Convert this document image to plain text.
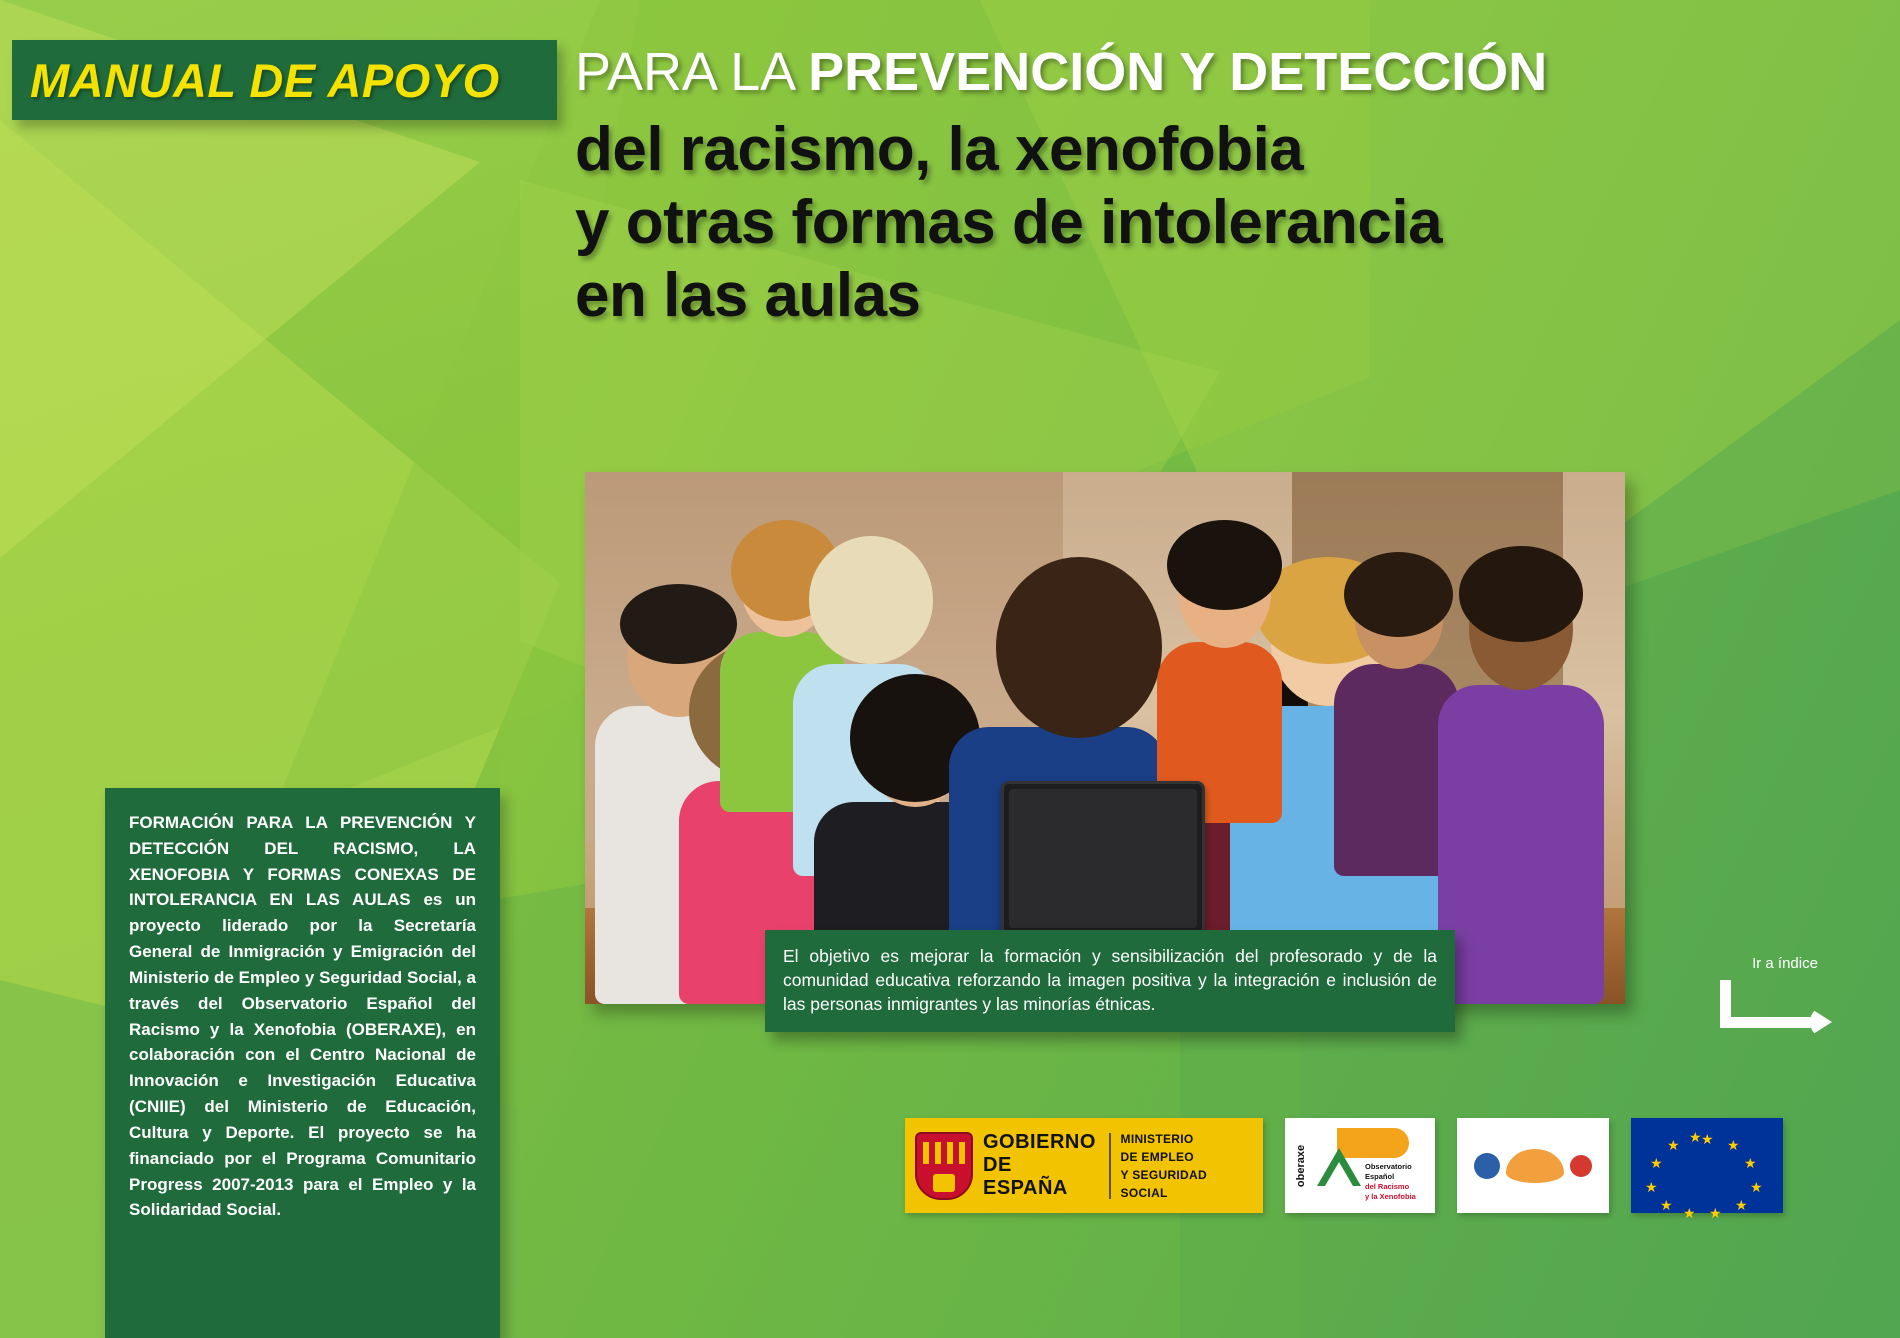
MANUAL DE APOYO PARA LA PREVENCIÓN Y DETECCIÓN
del racismo, la xenofobia
y otras formas de intolerancia
en las aulas

El objetivo es mejorar la formación y sensibilización del profesorado y de la comunidad educativa reforzando la imagen positiva y la integración e inclusión de las personas inmigrantes y las minorías étnicas.

FORMACIÓN PARA LA PREVENCIÓN Y DETECCIÓN DEL RACISMO, LA XENOFOBIA Y FORMAS CONEXAS DE INTOLERANCIA EN LAS AULAS es un proyecto liderado por la Secretaría General de Inmigración y Emigración del Ministerio de Empleo y Seguridad Social, a través del Observatorio Español del Racismo y la Xenofobia (OBERAXE), en colaboración con el Centro Nacional de Innovación e Investigación Educativa (CNIIE) del Ministerio de Educación, Cultura y Deporte. El proyecto se ha financiado por el Programa Comunitario Progress 2007-2013 para el Empleo y la Solidaridad Social.

Ir a índice
GOBIERNO
DE ESPAÑA
MINISTERIO
DE EMPLEO
Y SEGURIDAD SOCIAL
oberaxe	Observatorio
Español
del Racismo
y la Xenofobia
★ ★
★
★
★
★
★
★
★
★
★ ★
